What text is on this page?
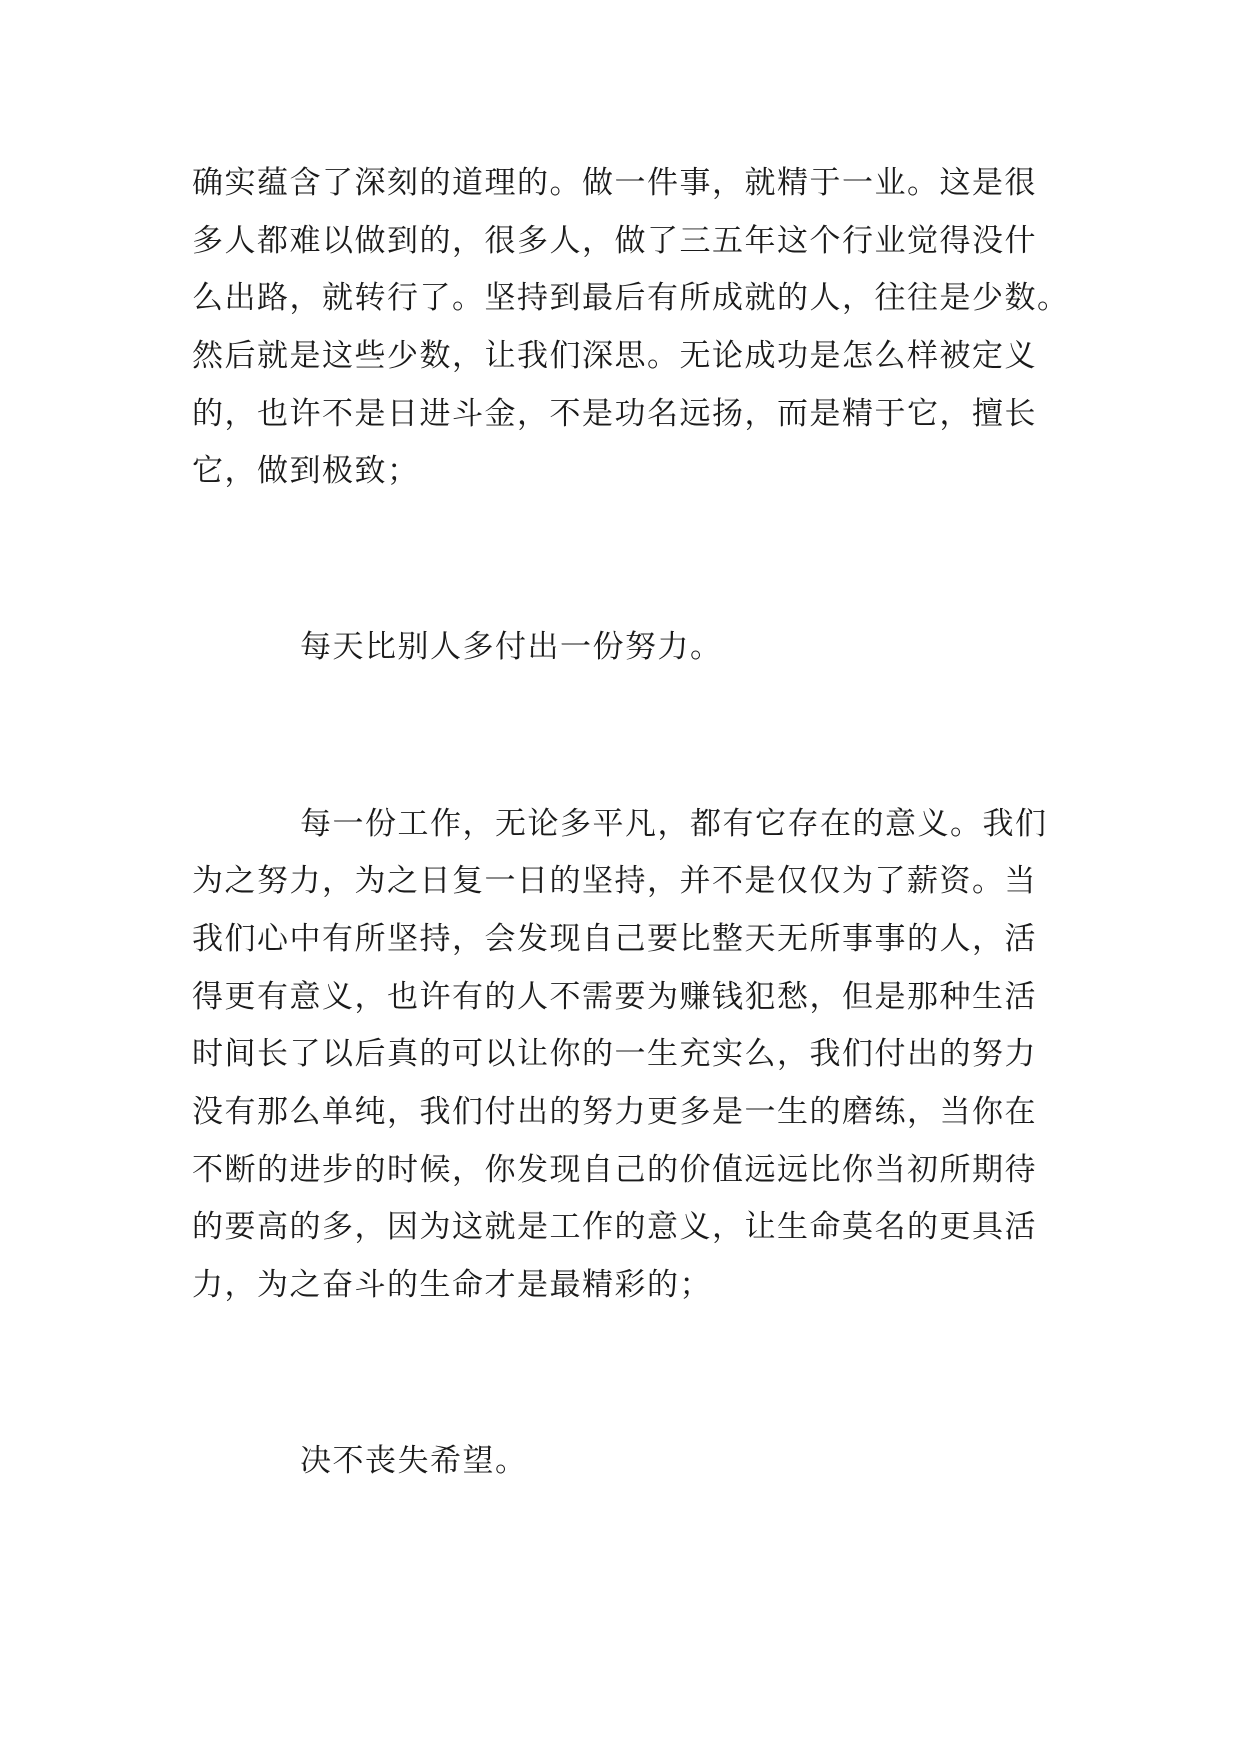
确实蕴含了深刻的道理的。做一件事，就精于一业。这是很
多人都难以做到的，很多人，做了三五年这个行业觉得没什
么出路，就转行了。坚持到最后有所成就的人，往往是少数。
然后就是这些少数，让我们深思。无论成功是怎么样被定义
的，也许不是日进斗金，不是功名远扬，而是精于它，擅长
它，做到极致；
每天比别人多付出一份努力。
每一份工作，无论多平凡，都有它存在的意义。我们
为之努力，为之日复一日的坚持，并不是仅仅为了薪资。当
我们心中有所坚持，会发现自己要比整天无所事事的人，活
得更有意义，也许有的人不需要为赚钱犯愁，但是那种生活
时间长了以后真的可以让你的一生充实么，我们付出的努力
没有那么单纯，我们付出的努力更多是一生的磨练，当你在
不断的进步的时候，你发现自己的价值远远比你当初所期待
的要高的多，因为这就是工作的意义，让生命莫名的更具活
力，为之奋斗的生命才是最精彩的；
决不丧失希望。
